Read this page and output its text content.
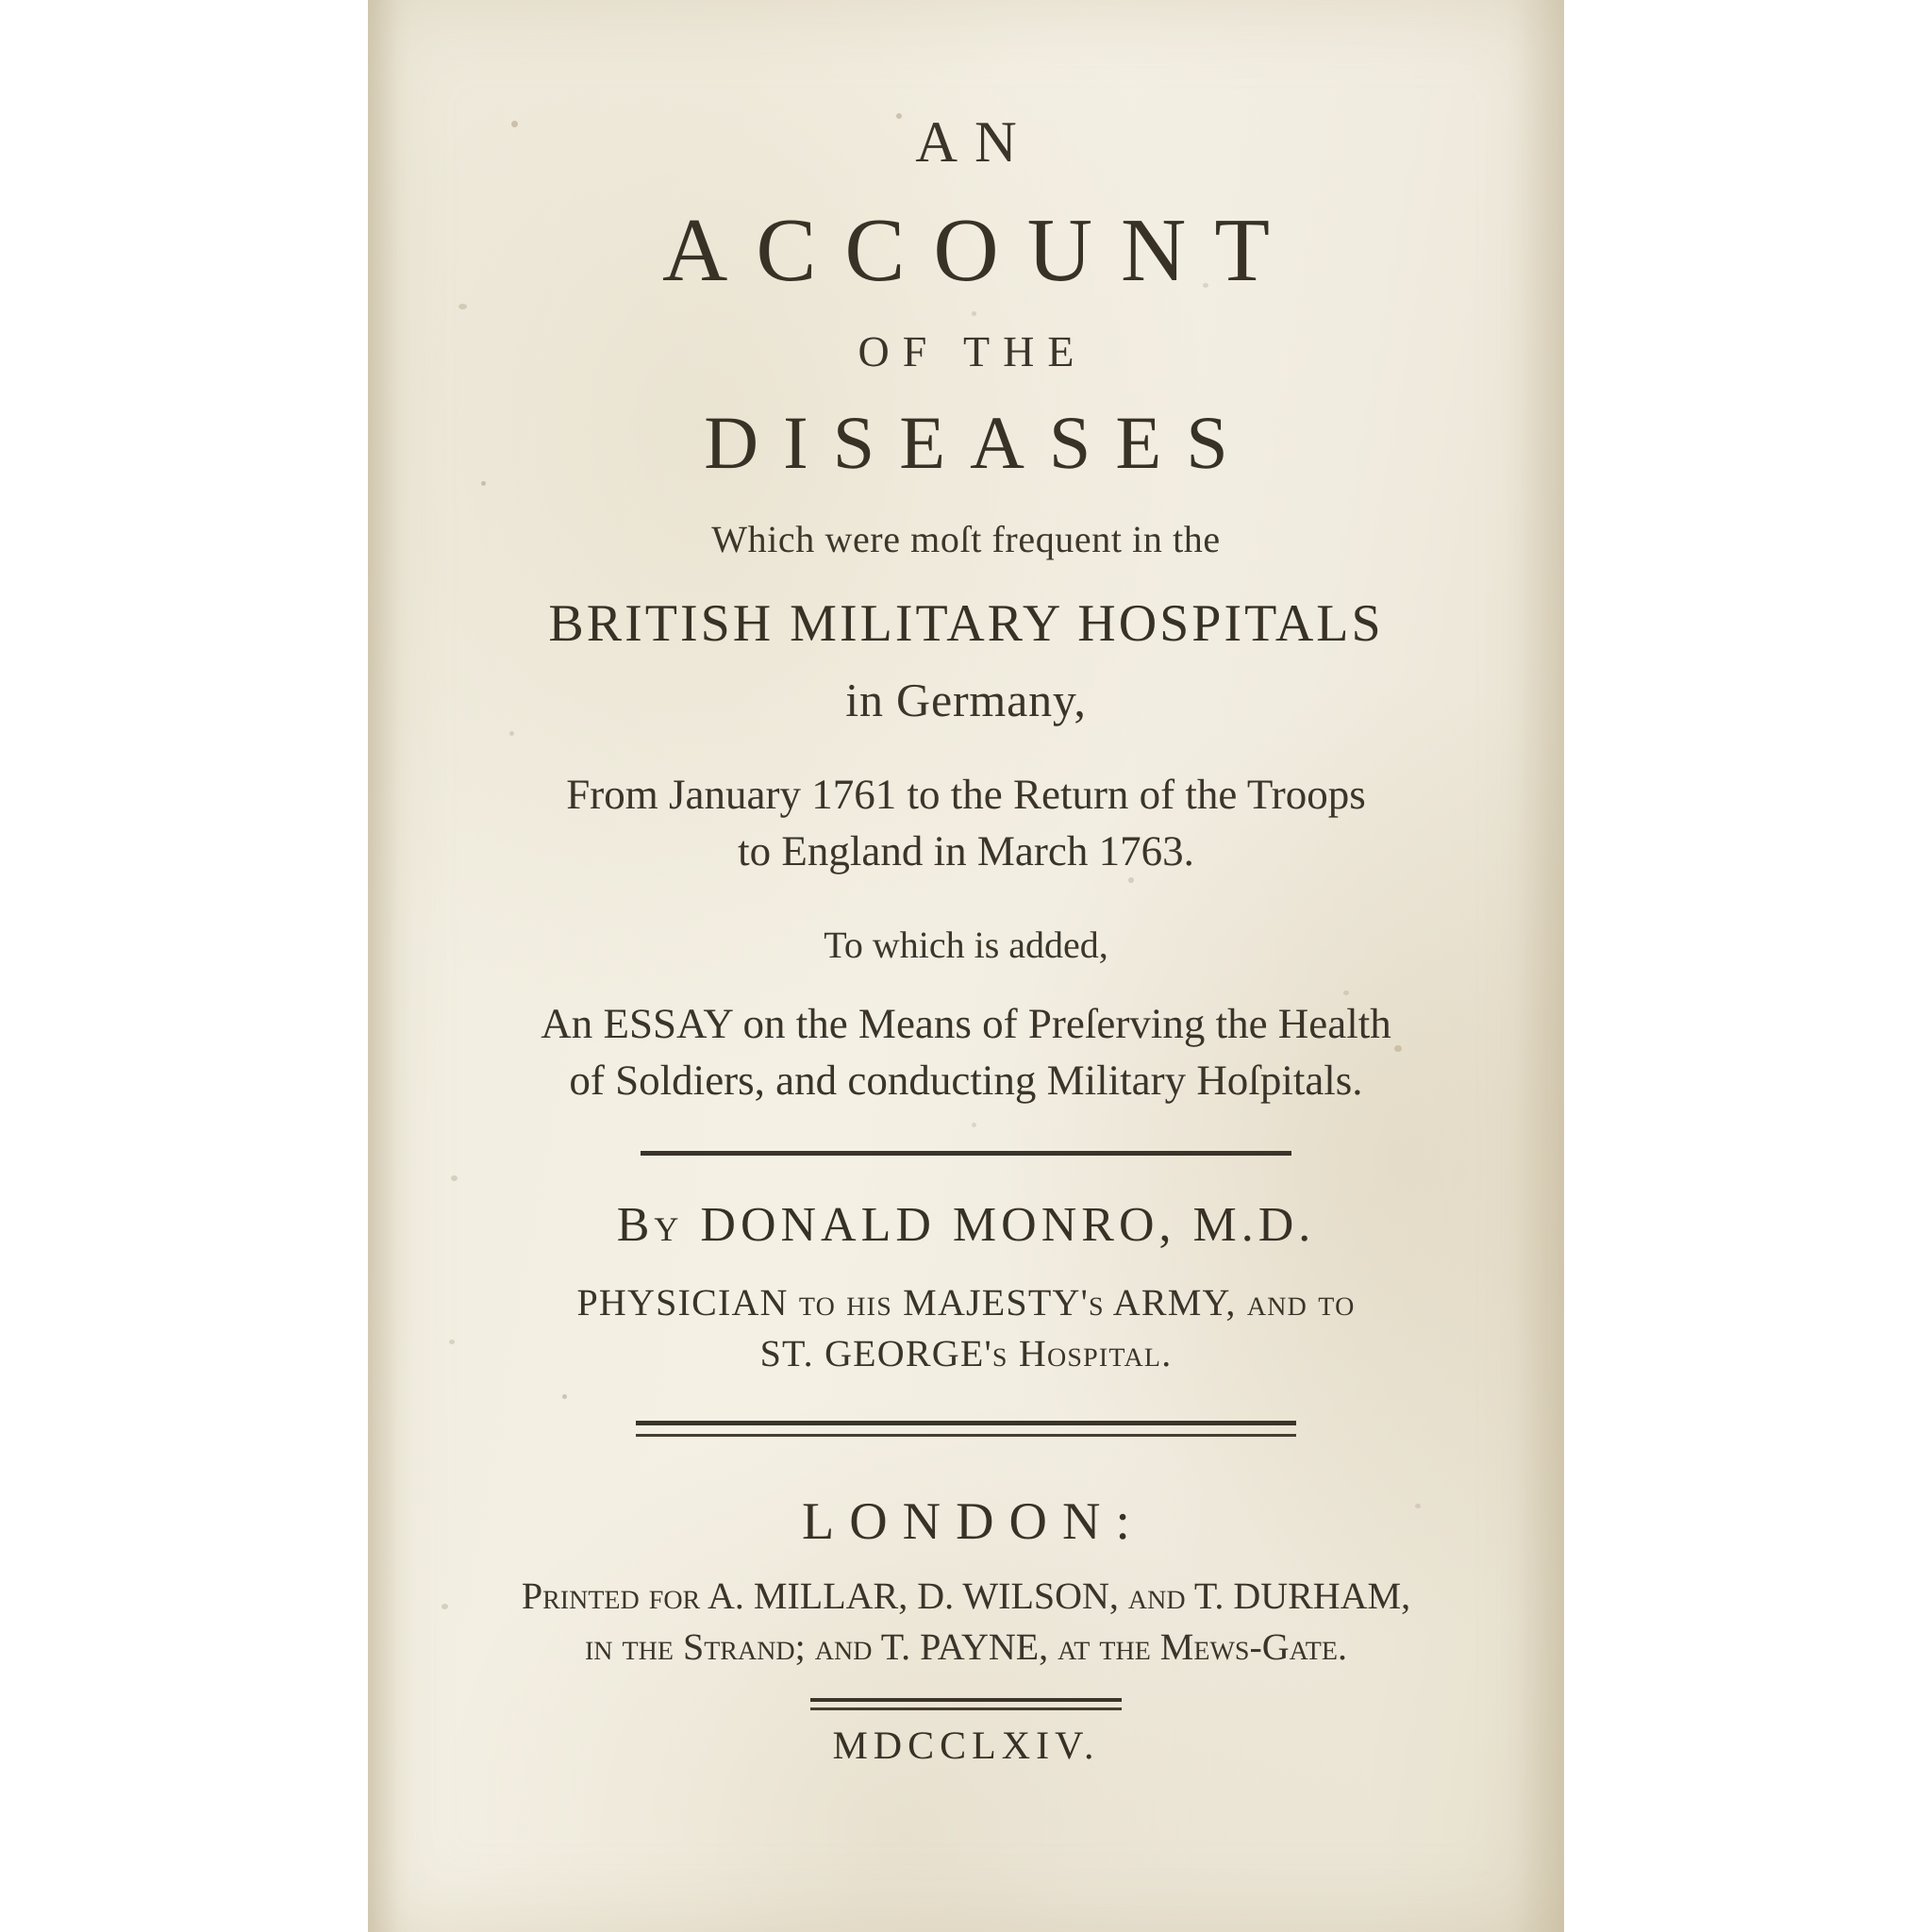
AN
ACCOUNT
OF THE
DISEASES
Which were moſt frequent in the
BRITISH MILITARY HOSPITALS
in Germany,
From January 1761 to the Return of the Troops
to England in March 1763.
To which is added,
An ESSAY on the Means of Preſerving the Health
of Soldiers, and conducting Military Hoſpitals.
By DONALD MONRO, M.D.
PHYSICIAN to his MAJESTY's ARMY, and to
ST. GEORGE's Hoſpital.
LONDON:
Printed for A. MILLAR, D. WILSON, and T. DURHAM,
in the Strand; and T. PAYNE, at the Mews-Gate.
MDCCLXIV.
